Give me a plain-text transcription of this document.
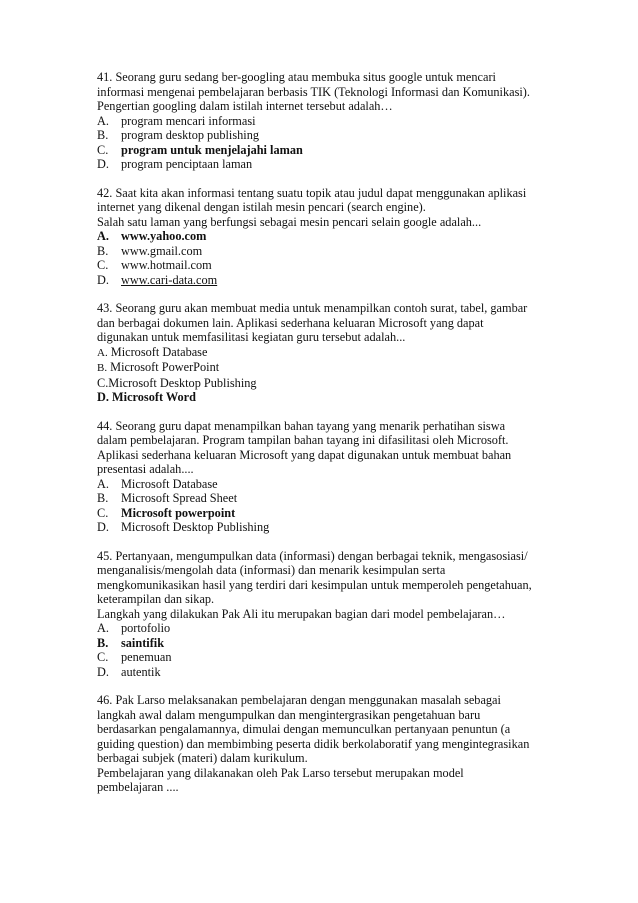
41. Seorang guru sedang ber-googling atau membuka situs google untuk mencari
informasi mengenai pembelajaran berbasis TIK (Teknologi Informasi dan Komunikasi).
Pengertian googling dalam istilah internet tersebut adalah…
A. program mencari informasi
B.	program desktop publishing
C.	program untuk menjelajahi laman
D. program penciptaan laman
42. Saat kita akan informasi tentang suatu topik atau judul dapat menggunakan aplikasi
internet yang dikenal dengan istilah mesin pencari (search engine).
Salah satu laman yang berfungsi sebagai mesin pencari selain google adalah...
A. www.yahoo.com
B.	www.gmail.com
C.	www.hotmail.com
D. www.cari-data.com
43. Seorang guru akan membuat media untuk menampilkan contoh surat, tabel, gambar
dan berbagai dokumen lain. Aplikasi sederhana keluaran Microsoft yang dapat
digunakan untuk memfasilitasi kegiatan guru tersebut adalah...
A. Microsoft Database
B. Microsoft PowerPoint
C.Microsoft Desktop Publishing
D. Microsoft Word
44. Seorang guru dapat menampilkan bahan tayang yang menarik perhatihan siswa
dalam pembelajaran. Program tampilan bahan tayang ini difasilitasi oleh Microsoft.
Aplikasi sederhana keluaran Microsoft yang dapat digunakan untuk membuat bahan
presentasi adalah....
A. Microsoft Database
B.	Microsoft Spread Sheet
C.	Microsoft powerpoint
D. Microsoft Desktop Publishing
45. Pertanyaan, mengumpulkan data (informasi) dengan berbagai teknik, mengasosiasi/
menganalisis/mengolah data (informasi) dan menarik kesimpulan serta
mengkomunikasikan hasil yang terdiri dari kesimpulan untuk memperoleh pengetahuan,
keterampilan dan sikap.
Langkah yang dilakukan Pak Ali itu merupakan bagian dari model pembelajaran…
A. portofolio
B.	saintifik
C.	penemuan
D. autentik
46. Pak Larso melaksanakan pembelajaran dengan menggunakan masalah sebagai
langkah awal dalam mengumpulkan dan mengintergrasikan pengetahuan baru
berdasarkan pengalamannya, dimulai dengan memunculkan pertanyaan penuntun (a
guiding question) dan membimbing peserta didik berkolaboratif yang mengintegrasikan
berbagai subjek (materi) dalam kurikulum.
Pembelajaran yang dilakanakan oleh Pak Larso tersebut merupakan model
pembelajaran ....
